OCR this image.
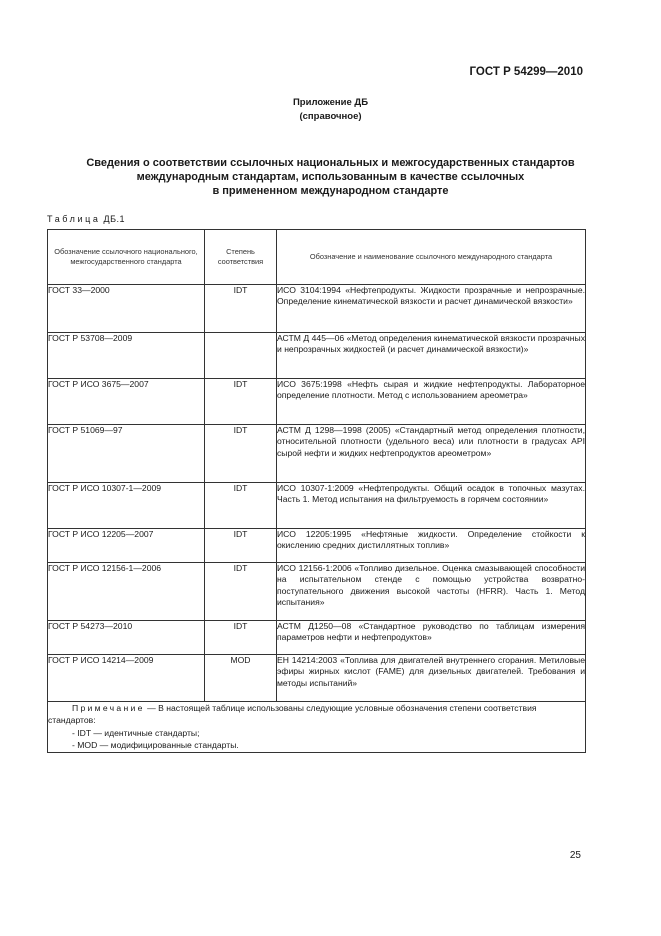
ГОСТ Р 54299—2010
Приложение ДБ
(справочное)
Сведения о соответствии ссылочных национальных и межгосударственных стандартов
международным стандартам, использованным в качестве ссылочных
в примененном международном стандарте
Таблица ДБ.1
Обозначение ссылочного национального, межгосударственного стандарта	Степень соответствия	Обозначение и наименование ссылочного международного стандарта
ГОСТ 33—2000	IDT	ИСО 3104:1994 «Нефтепродукты. Жидкости прозрачные и непрозрачные. Определение кинематической вязкости и расчет динамической вязкости»
ГОСТ Р 53708—2009		АСТМ Д 445—06 «Метод определения кинематической вязкости прозрачных и непрозрачных жидкостей (и расчет динамической вязкости)»
ГОСТ Р ИСО 3675—2007	IDT	ИСО 3675:1998 «Нефть сырая и жидкие нефтепродукты. Лабораторное определение плотности. Метод с использованием ареометра»
ГОСТ Р 51069—97	IDT	АСТМ Д 1298—1998 (2005) «Стандартный метод определения плотности, относительной плотности (удельного веса) или плотности в градусах API сырой нефти и жидких нефтепродуктов ареометром»
ГОСТ Р ИСО 10307-1—2009	IDT	ИСО 10307-1:2009 «Нефтепродукты. Общий осадок в топочных мазутах. Часть 1. Метод испытания на фильтруемость в горячем состоянии»
ГОСТ Р ИСО 12205—2007	IDT	ИСО 12205:1995 «Нефтяные жидкости. Определение стойкости к окислению средних дистиллятных топлив»
ГОСТ Р ИСО 12156-1—2006	IDT	ИСО 12156-1:2006 «Топливо дизельное. Оценка смазывающей способности на испытательном стенде с помощью устройства возвратно-поступательного движения высокой частоты (HFRR). Часть 1. Метод испытания»
ГОСТ Р 54273—2010	IDT	АСТМ Д1250—08 «Стандартное руководство по таблицам измерения параметров нефти и нефтепродуктов»
ГОСТ Р ИСО 14214—2009	MOD	ЕН 14214:2003 «Топлива для двигателей внутреннего сгорания. Метиловые эфиры жирных кислот (FAME) для дизельных двигателей. Требования и методы испытаний»

Примечание — В настоящей таблице использованы следующие условные обозначения степени соответствия стандартов:
- IDT — идентичные стандарты;
- MOD — модифицированные стандарты.		
25
